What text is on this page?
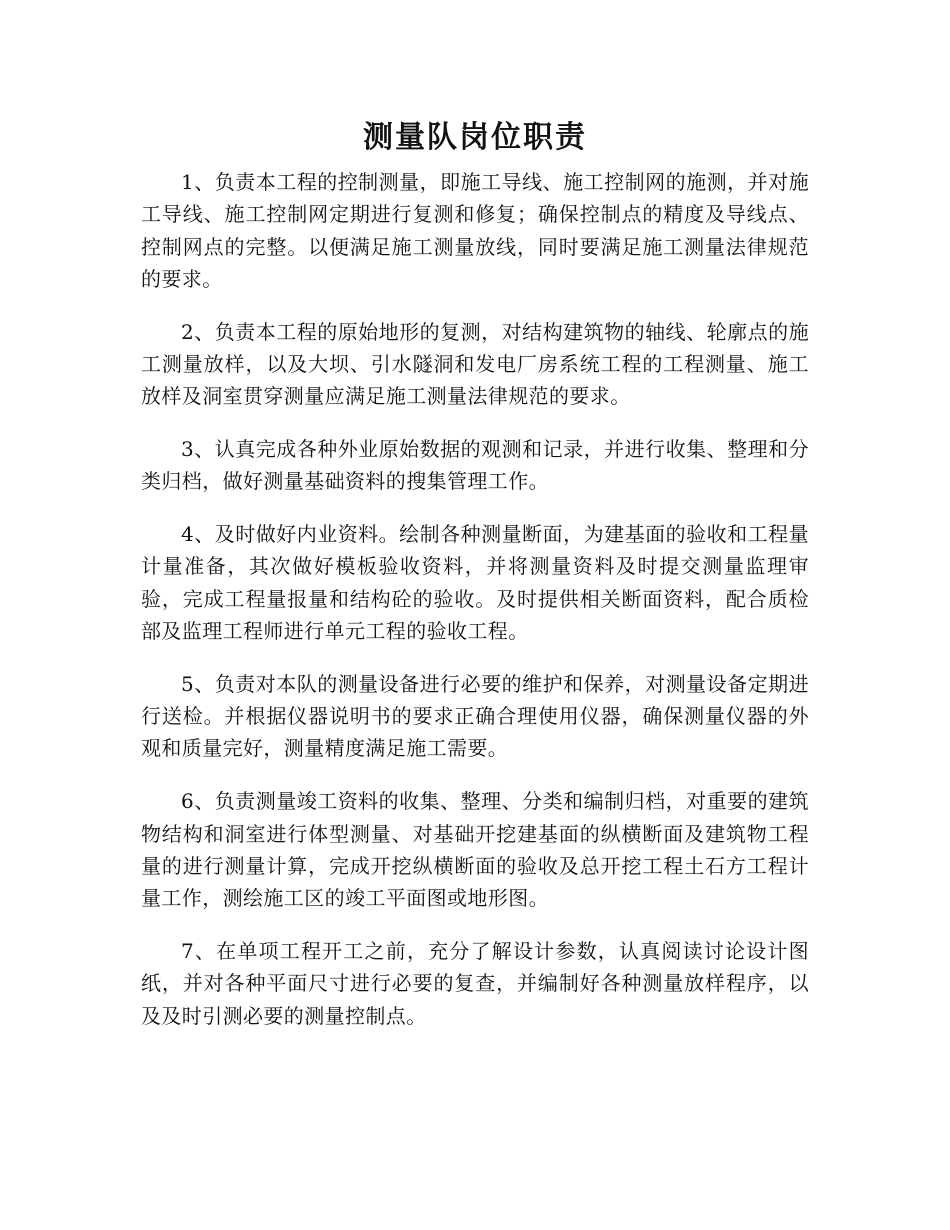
测量队岗位职责

1、负责本工程的控制测量，即施工导线、施工控制网的施测，并对施工导线、施工控制网定期进行复测和修复；确保控制点的精度及导线点、控制网点的完整。以便满足施工测量放线，同时要满足施工测量法律规范的要求。

2、负责本工程的原始地形的复测，对结构建筑物的轴线、轮廓点的施工测量放样，以及大坝、引水隧洞和发电厂房系统工程的工程测量、施工放样及洞室贯穿测量应满足施工测量法律规范的要求。

3、认真完成各种外业原始数据的观测和记录，并进行收集、整理和分类归档，做好测量基础资料的搜集管理工作。

4、及时做好内业资料。绘制各种测量断面，为建基面的验收和工程量计量准备，其次做好模板验收资料，并将测量资料及时提交测量监理审验，完成工程量报量和结构砼的验收。及时提供相关断面资料，配合质检部及监理工程师进行单元工程的验收工程。

5、负责对本队的测量设备进行必要的维护和保养，对测量设备定期进行送检。并根据仪器说明书的要求正确合理使用仪器，确保测量仪器的外观和质量完好，测量精度满足施工需要。

6、负责测量竣工资料的收集、整理、分类和编制归档，对重要的建筑物结构和洞室进行体型测量、对基础开挖建基面的纵横断面及建筑物工程量的进行测量计算，完成开挖纵横断面的验收及总开挖工程土石方工程计量工作，测绘施工区的竣工平面图或地形图。

7、在单项工程开工之前，充分了解设计参数，认真阅读讨论设计图纸，并对各种平面尺寸进行必要的复查，并编制好各种测量放样程序，以及及时引测必要的测量控制点。
